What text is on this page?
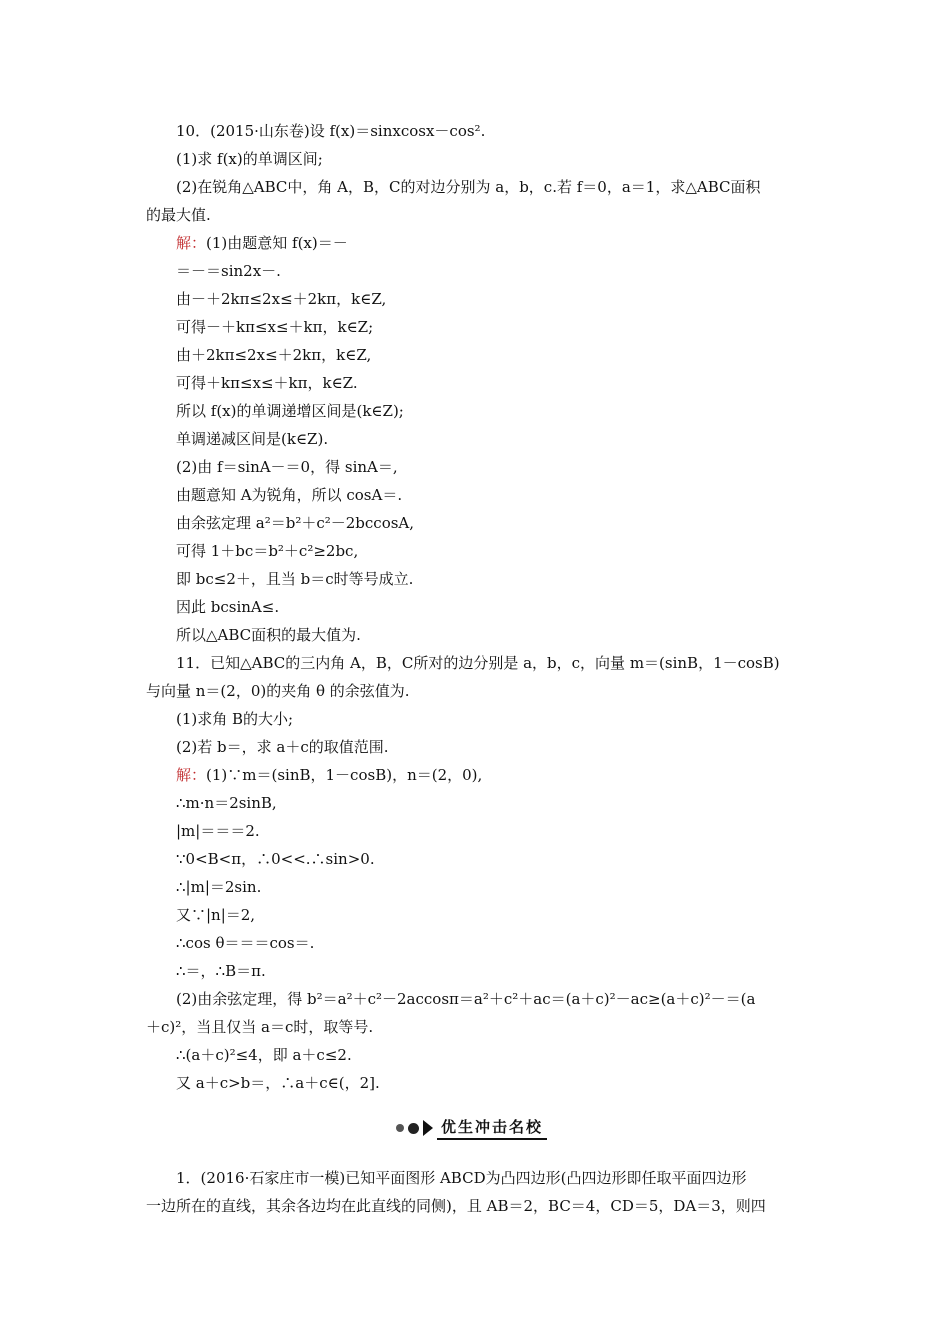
10．(2015·山东卷)设 f(x)＝sinxcosx－cos².
(1)求 f(x)的单调区间;
(2)在锐角△ABC中，角 A，B，C的对边分别为 a，b，c.若 f＝0，a＝1，求△ABC面积
的最大值.
解：(1)由题意知 f(x)＝－
＝－＝sin2x－.
由－＋2kπ≤2x≤＋2kπ，k∈Z,
可得－＋kπ≤x≤＋kπ，k∈Z;
由＋2kπ≤2x≤＋2kπ，k∈Z,
可得＋kπ≤x≤＋kπ，k∈Z.
所以 f(x)的单调递增区间是(k∈Z);
单调递减区间是(k∈Z).
(2)由 f＝sinA－＝0，得 sinA＝,
由题意知 A为锐角，所以 cosA＝.
由余弦定理 a²＝b²＋c²－2bccosA,
可得 1＋bc＝b²＋c²≥2bc,
即 bc≤2＋，且当 b＝c时等号成立.
因此 bcsinA≤.
所以△ABC面积的最大值为.
11．已知△ABC的三内角 A，B，C所对的边分别是 a，b，c，向量 m＝(sinB，1－cosB)
与向量 n＝(2，0)的夹角 θ 的余弦值为.
(1)求角 B的大小;
(2)若 b＝，求 a＋c的取值范围.
解：(1)∵m＝(sinB，1－cosB)，n＝(2，0),
∴m·n＝2sinB,
|m|＝＝＝2.
∵0<B<π，∴0<<.∴sin>0.
∴|m|＝2sin.
又∵|n|＝2,
∴cos θ＝＝＝cos＝.
∴＝，∴B＝π.
(2)由余弦定理，得 b²＝a²＋c²－2accosπ＝a²＋c²＋ac＝(a＋c)²－ac≥(a＋c)²－＝(a
＋c)²，当且仅当 a＝c时，取等号.
∴(a＋c)²≤4，即 a＋c≤2.
又 a＋c>b＝，∴a＋c∈(，2].
优生冲击名校
1．(2016·石家庄市一模)已知平面图形 ABCD为凸四边形(凸四边形即任取平面四边形
一边所在的直线，其余各边均在此直线的同侧)，且 AB＝2，BC＝4，CD＝5，DA＝3，则四
